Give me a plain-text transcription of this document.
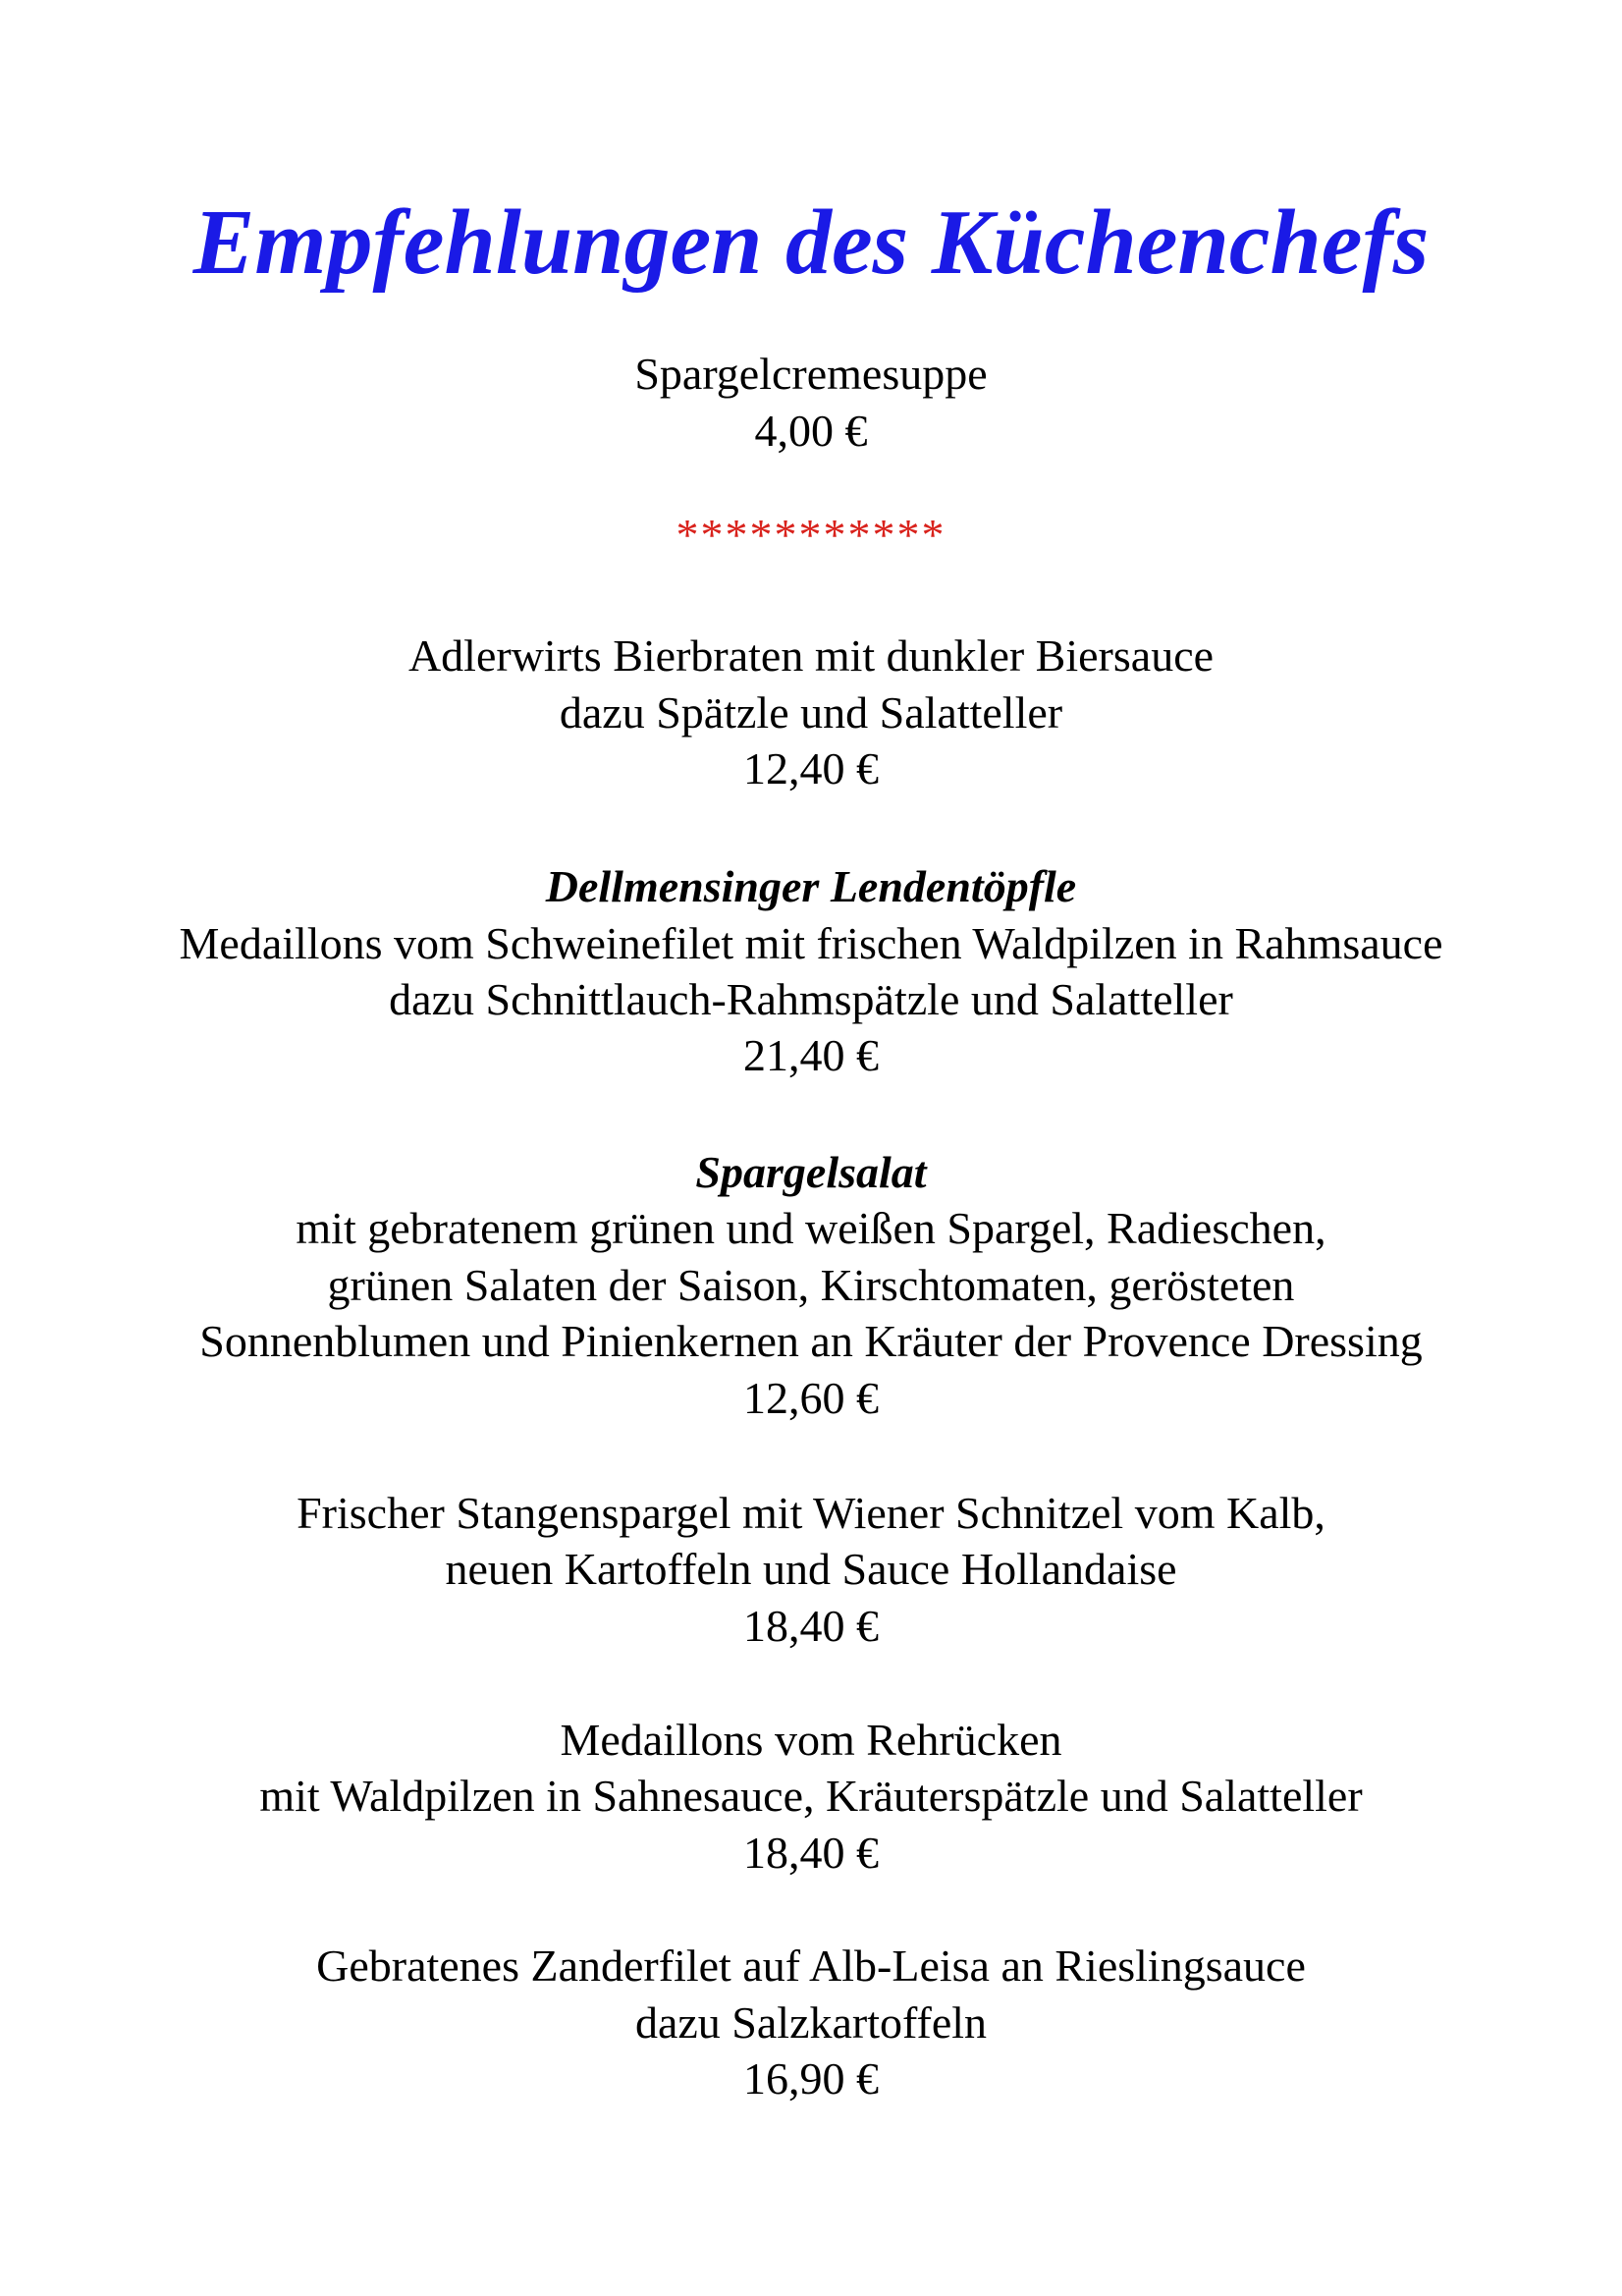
Empfehlungen des Küchenchefs
Spargelcremesuppe
4,00 €
***********
Adlerwirts Bierbraten mit dunkler Biersauce
dazu Spätzle und Salatteller
12,40 €
Dellmensinger Lendentöpfle
Medaillons vom Schweinefilet mit frischen Waldpilzen in Rahmsauce
dazu Schnittlauch-Rahmspätzle und Salatteller
21,40 €
Spargelsalat
mit gebratenem grünen und weißen Spargel, Radieschen,
grünen Salaten der Saison, Kirschtomaten, gerösteten
Sonnenblumen und Pinienkernen an Kräuter der Provence Dressing
12,60 €
Frischer Stangenspargel mit Wiener Schnitzel vom Kalb,
neuen Kartoffeln und Sauce Hollandaise
18,40 €
Medaillons vom Rehrücken
mit Waldpilzen in Sahnesauce, Kräuterspätzle und Salatteller
18,40 €
Gebratenes Zanderfilet auf Alb-Leisa an Rieslingsauce
dazu Salzkartoffeln
16,90 €
